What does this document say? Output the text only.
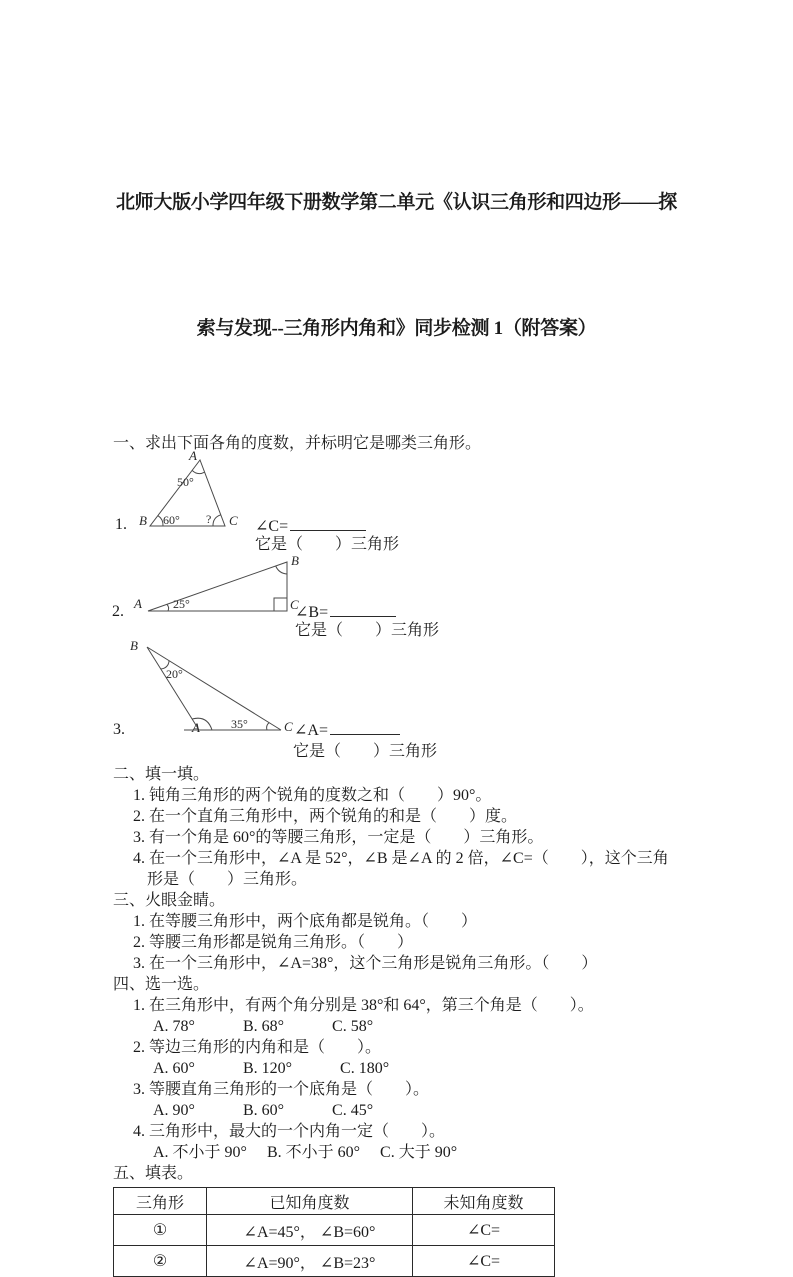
北师大版小学四年级下册数学第二单元《认识三角形和四边形——探

索与发现--三角形内角和》同步检测 1（附答案）

一、求出下面各角的度数，并标明它是哪类三角形。
1.
A
B	C
50°
60° ?	∠C=
它是（　　）三角形
2. A
B
C
25°	∠B=
它是（　　）三角形
3.
B
A	C
20°
35°	∠A=
它是（　　）三角形
二、填一填。
1. 钝角三角形的两个锐角的度数之和（　　）90°。
2. 在一个直角三角形中，两个锐角的和是（　　）度。
3. 有一个角是 60°的等腰三角形，一定是（　　）三角形。
4. 在一个三角形中，∠A 是 52°，∠B 是∠A 的 2 倍，∠C=（　　），这个三角
形是（　　）三角形。
三、火眼金睛。
1. 在等腰三角形中，两个底角都是锐角。（　　）
2. 等腰三角形都是锐角三角形。（　　）
3. 在一个三角形中，∠A=38°，这个三角形是锐角三角形。（　　）
四、选一选。
1. 在三角形中，有两个角分别是 38°和 64°，第三个角是（　　）。
A. 78°　　　B. 68°　　　C. 58°
2. 等边三角形的内角和是（　　）。
A. 60°　　　B. 120°　　　C. 180°
3. 等腰直角三角形的一个底角是（　　）。
A. 90°　　　B. 60°　　　C. 45°
4. 三角形中，最大的一个内角一定（　　）。
A. 不小于 90°　 B. 不小于 60°　 C. 大于 90°
五、填表。
三角形	已知角度数	未知角度数
①	∠A=45°， ∠B=60°	∠C=
②	∠A=90°， ∠B=23°	∠C=
